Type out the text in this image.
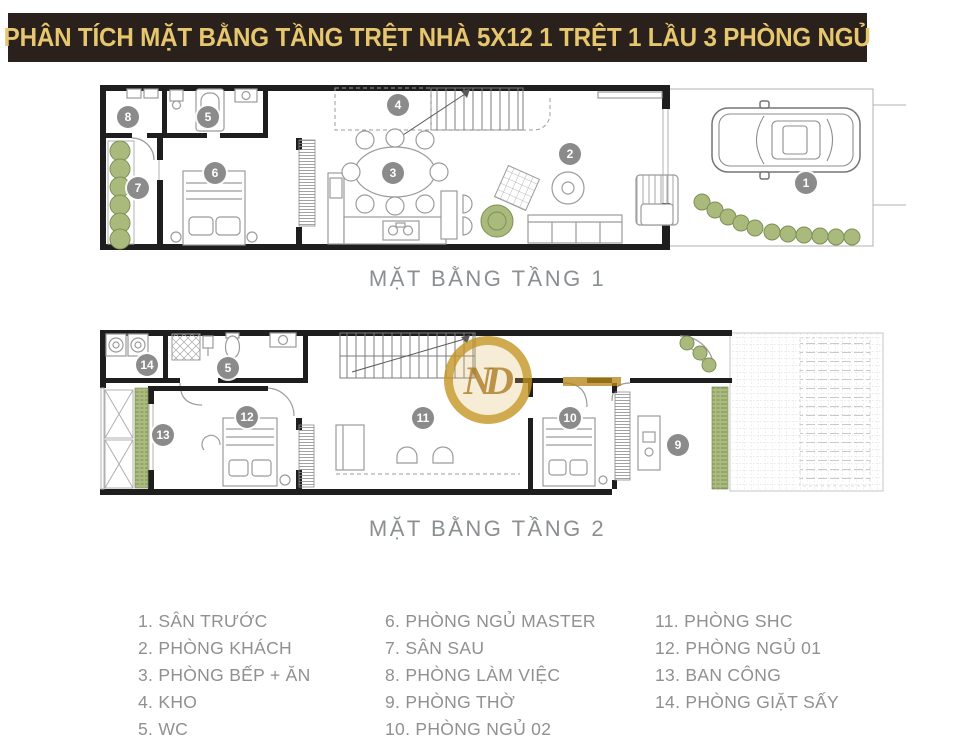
PHÂN TÍCH MẶT BẰNG TẦNG TRỆT NHÀ 5X12 1 TRỆT 1 LẦU 3 PHÒNG NGỦ
8	5
4
6
7
3
2
1
MẶT BẰNG TẦNG 1
ND
14	5
13
12	11	10
9
MẶT BẰNG TẦNG 2
1. SÂN TRƯỚC
2. PHÒNG KHÁCH
3. PHÒNG BẾP + ĂN
4. KHO
5. WC
6. PHÒNG NGỦ MASTER
7. SÂN SAU
8. PHÒNG LÀM VIỆC
9. PHÒNG THỜ
10. PHÒNG NGỦ 02
11. PHÒNG SHC
12. PHÒNG NGỦ 01
13. BAN CÔNG
14. PHÒNG GIẶT SẤY
